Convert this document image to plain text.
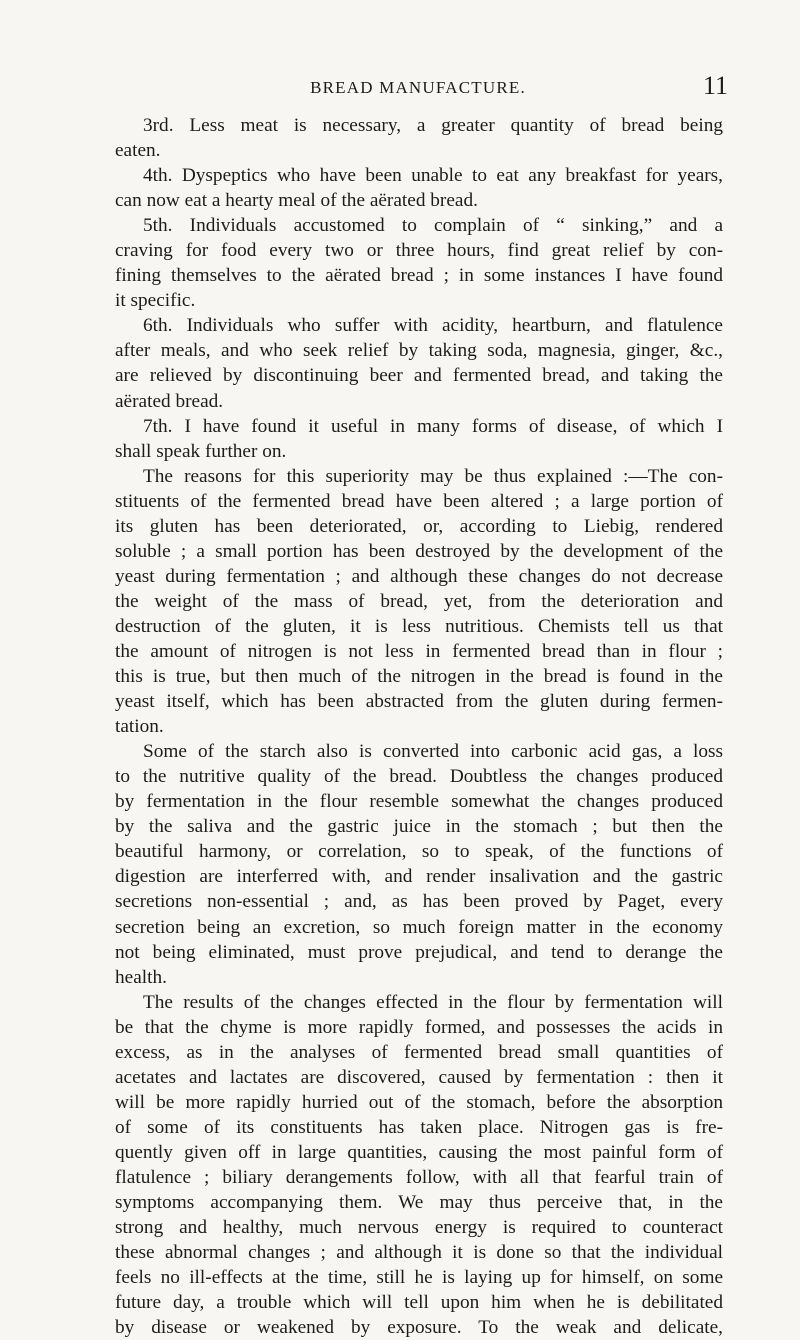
BREAD MANUFACTURE.	11
3rd. Less meat is necessary, a greater quantity of bread being
eaten.
4th. Dyspeptics who have been unable to eat any breakfast for years,
can now eat a hearty meal of the aërated bread.
5th. Individuals accustomed to complain of “ sinking,” and a
craving for food every two or three hours, find great relief by con-
fining themselves to the aërated bread ; in some instances I have found
it specific.
6th. Individuals who suffer with acidity, heartburn, and flatulence
after meals, and who seek relief by taking soda, magnesia, ginger, &c.,
are relieved by discontinuing beer and fermented bread, and taking the
aërated bread.
7th. I have found it useful in many forms of disease, of which I
shall speak further on.
The reasons for this superiority may be thus explained :—The con-
stituents of the fermented bread have been altered ; a large portion of
its gluten has been deteriorated, or, according to Liebig, rendered
soluble ; a small portion has been destroyed by the development of the
yeast during fermentation ; and although these changes do not decrease
the weight of the mass of bread, yet, from the deterioration and
destruction of the gluten, it is less nutritious. Chemists tell us that
the amount of nitrogen is not less in fermented bread than in flour ;
this is true, but then much of the nitrogen in the bread is found in the
yeast itself, which has been abstracted from the gluten during fermen-
tation.
Some of the starch also is converted into carbonic acid gas, a loss
to the nutritive quality of the bread. Doubtless the changes produced
by fermentation in the flour resemble somewhat the changes produced
by the saliva and the gastric juice in the stomach ; but then the
beautiful harmony, or correlation, so to speak, of the functions of
digestion are interferred with, and render insalivation and the gastric
secretions non-essential ; and, as has been proved by Paget, every
secretion being an excretion, so much foreign matter in the economy
not being eliminated, must prove prejudical, and tend to derange the
health.
The results of the changes effected in the flour by fermentation will
be that the chyme is more rapidly formed, and possesses the acids in
excess, as in the analyses of fermented bread small quantities of
acetates and lactates are discovered, caused by fermentation : then it
will be more rapidly hurried out of the stomach, before the absorption
of some of its constituents has taken place. Nitrogen gas is fre-
quently given off in large quantities, causing the most painful form of
flatulence ; biliary derangements follow, with all that fearful train of
symptoms accompanying them. We may thus perceive that, in the
strong and healthy, much nervous energy is required to counteract
these abnormal changes ; and although it is done so that the individual
feels no ill-effects at the time, still he is laying up for himself, on some
future day, a trouble which will tell upon him when he is debilitated
by disease or weakened by exposure. To the weak and delicate,
